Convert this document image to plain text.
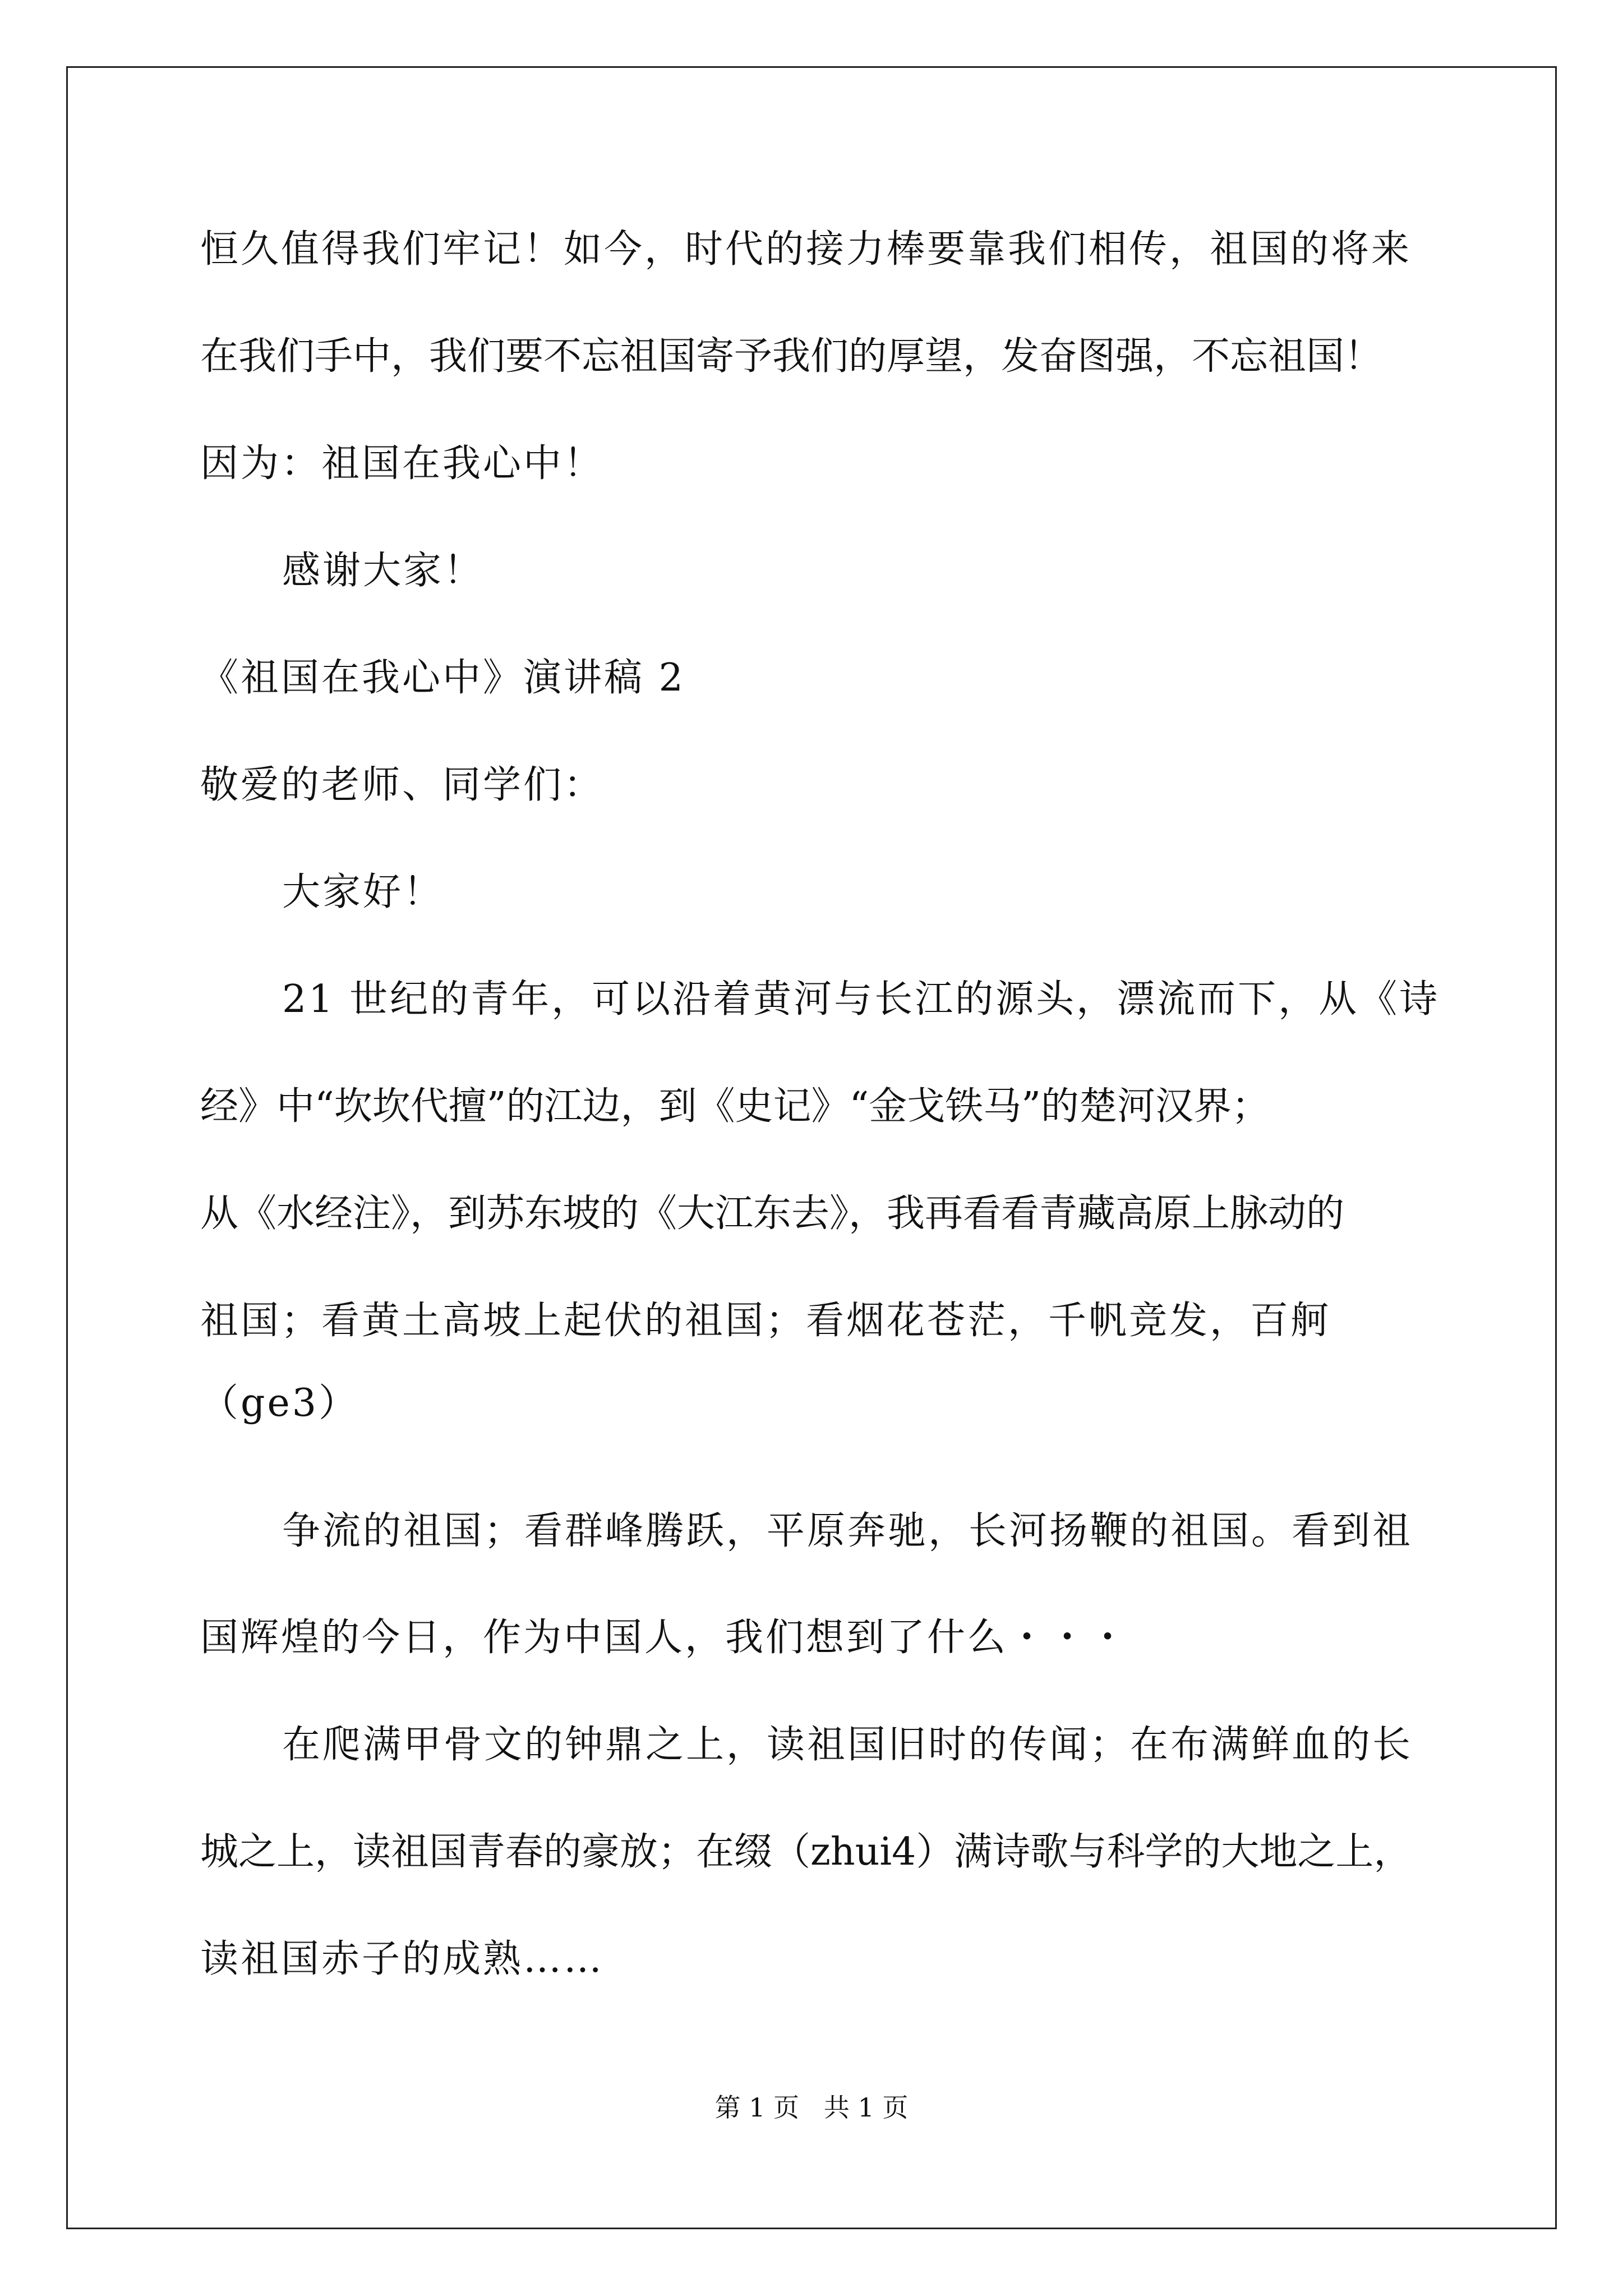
恒久值得我们牢记！如今，时代的接力棒要靠我们相传，祖国的将来
在我们手中，我们要不忘祖国寄予我们的厚望，发奋图强，不忘祖国！
因为：祖国在我心中！
感谢大家！
《祖国在我心中》演讲稿 2
敬爱的老师、同学们：
大家好！
21 世纪的青年，可以沿着黄河与长江的源头，漂流而下，从《诗
经》中“坎坎代擅”的江边，到《史记》“金戈铁马”的楚河汉界；
从《水经注》，到苏东坡的《大江东去》，我再看看青藏高原上脉动的
祖国；看黄土高坡上起伏的祖国；看烟花苍茫，千帆竞发，百舸
（ge3）
争流的祖国；看群峰腾跃，平原奔驰，长河扬鞭的祖国。看到祖
国辉煌的今日，作为中国人，我们想到了什么・・・
在爬满甲骨文的钟鼎之上，读祖国旧时的传闻；在布满鲜血的长
城之上，读祖国青春的豪放；在缀（zhui4）满诗歌与科学的大地之上，
读祖国赤子的成熟……
第 1 页   共 1 页
